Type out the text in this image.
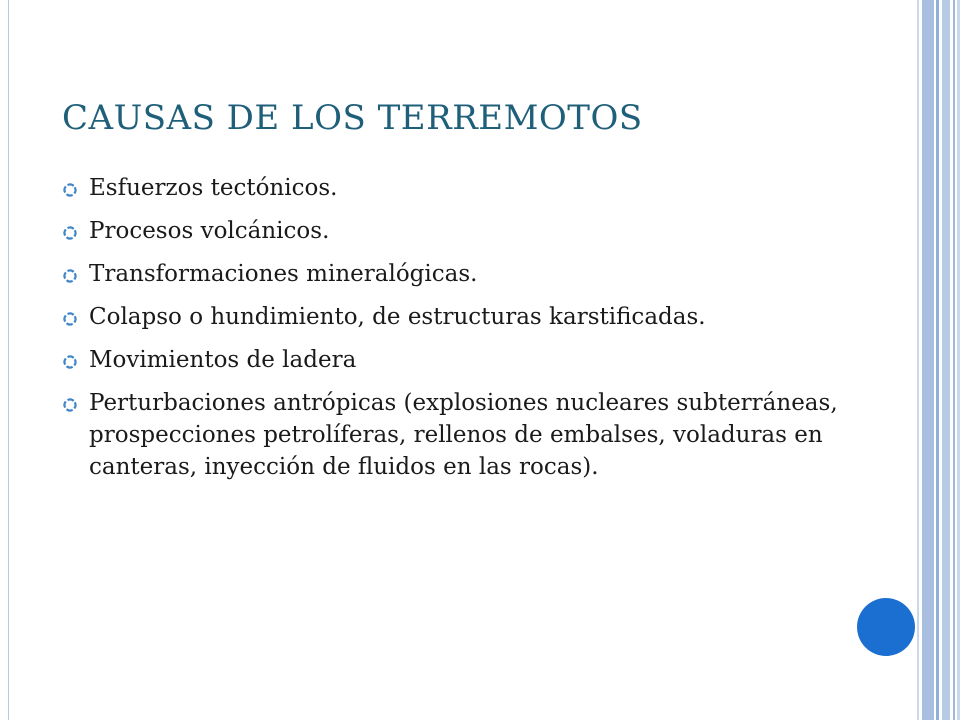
CAUSAS DE LOS TERREMOTOS
Esfuerzos tectónicos.
Procesos volcánicos.
Transformaciones mineralógicas.
Colapso o hundimiento, de estructuras karstificadas.
Movimientos de ladera
Perturbaciones antrópicas (explosiones nucleares subterráneas, prospecciones petrolíferas, rellenos de embalses, voladuras en canteras, inyección de fluidos en las rocas).
